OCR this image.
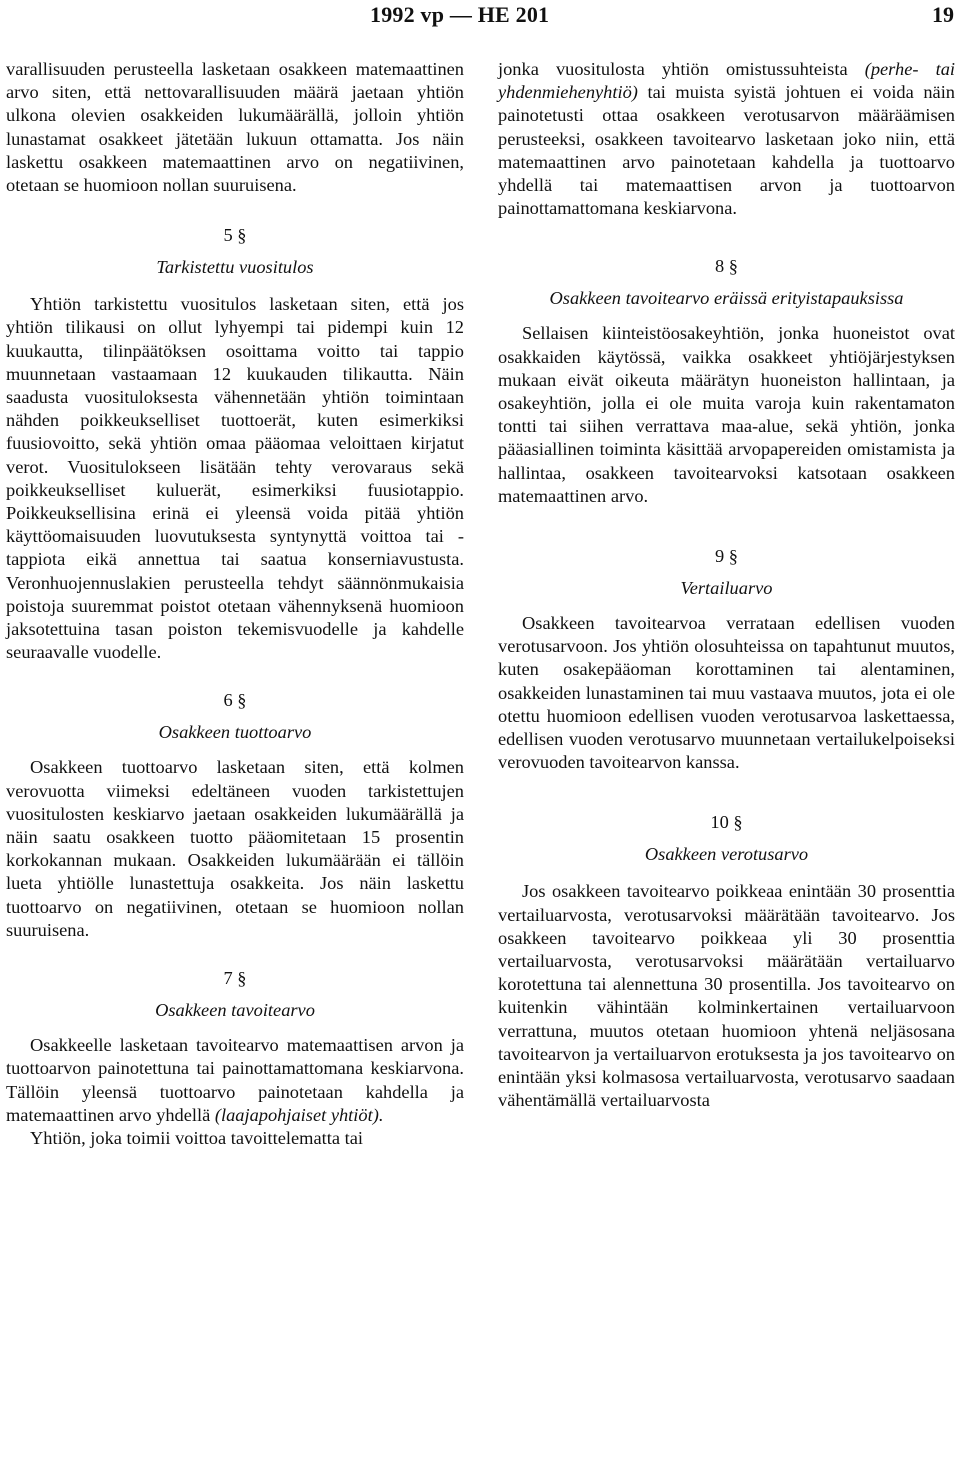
1992 vp — HE 201	19

varallisuuden perusteella lasketaan osakkeen matemaattinen arvo siten, että nettovarallisuuden määrä jaetaan yhtiön ulkona olevien osakkeiden lukumäärällä, jolloin yhtiön lunastamat osakkeet jätetään lukuun ottamatta. Jos näin laskettu osakkeen matemaattinen arvo on negatiivinen, otetaan se huomioon nollan suuruisena.

5 §
Tarkistettu vuositulos

Yhtiön tarkistettu vuositulos lasketaan siten, että jos yhtiön tilikausi on ollut lyhyempi tai pidempi kuin 12 kuukautta, tilinpäätöksen osoittama voitto tai tappio muunnetaan vastaamaan 12 kuukauden tilikautta. Näin saadusta vuosituloksesta vähennetään yhtiön toimintaan nähden poikkeukselliset tuottoerät, kuten esimerkiksi fuusiovoitto, sekä yhtiön omaa pääomaa veloittaen kirjatut verot. Vuositulokseen lisätään tehty verovaraus sekä poikkeukselliset kuluerät, esimerkiksi fuusiotappio. Poikkeuksellisina erinä ei yleensä voida pitää yhtiön käyttöomaisuuden luovutuksesta syntynyttä voittoa tai -tappiota eikä annettua tai saatua konserniavustusta. Veronhuojennuslakien perusteella tehdyt säännönmukaisia poistoja suuremmat poistot otetaan vähennyksenä huomioon jaksotettuina tasan poiston tekemisvuodelle ja kahdelle seuraavalle vuodelle.

6 §
Osakkeen tuottoarvo

Osakkeen tuottoarvo lasketaan siten, että kolmen verovuotta viimeksi edeltäneen vuoden tarkistettujen vuositulosten keskiarvo jaetaan osakkeiden lukumäärällä ja näin saatu osakkeen tuotto pääomitetaan 15 prosentin korkokannan mukaan. Osakkeiden lukumäärään ei tällöin lueta yhtiölle lunastettuja osakkeita. Jos näin laskettu tuottoarvo on negatiivinen, otetaan se huomioon nollan suuruisena.

7 §
Osakkeen tavoitearvo

Osakkeelle lasketaan tavoitearvo matemaattisen arvon ja tuottoarvon painotettuna tai painottamattomana keskiarvona. Tällöin yleensä tuottoarvo painotetaan kahdella ja matemaattinen arvo yhdellä (laajapohjaiset yhtiöt).

Yhtiön, joka toimii voittoa tavoittelematta tai

jonka vuositulosta yhtiön omistussuhteista (perhe- tai yhdenmiehenyhtiö) tai muista syistä johtuen ei voida näin painotetusti ottaa osakkeen verotusarvon määräämisen perusteeksi, osakkeen tavoitearvo lasketaan joko niin, että matemaattinen arvo painotetaan kahdella ja tuottoarvo yhdellä tai matemaattisen arvon ja tuottoarvon painottamattomana keskiarvona.

8 §
Osakkeen tavoitearvo eräissä erityistapauksissa

Sellaisen kiinteistöosakeyhtiön, jonka huoneistot ovat osakkaiden käytössä, vaikka osakkeet yhtiöjärjestyksen mukaan eivät oikeuta määrätyn huoneiston hallintaan, ja osakeyhtiön, jolla ei ole muita varoja kuin rakentamaton tontti tai siihen verrattava maa-alue, sekä yhtiön, jonka pääasiallinen toiminta käsittää arvopapereiden omistamista ja hallintaa, osakkeen tavoitearvoksi katsotaan osakkeen matemaattinen arvo.

9 §
Vertailuarvo

Osakkeen tavoitearvoa verrataan edellisen vuoden verotusarvoon. Jos yhtiön olosuhteissa on tapahtunut muutos, kuten osakepääoman korottaminen tai alentaminen, osakkeiden lunastaminen tai muu vastaava muutos, jota ei ole otettu huomioon edellisen vuoden verotusarvoa laskettaessa, edellisen vuoden verotusarvo muunnetaan vertailukelpoiseksi verovuoden tavoitearvon kanssa.

10 §
Osakkeen verotusarvo

Jos osakkeen tavoitearvo poikkeaa enintään 30 prosenttia vertailuarvosta, verotusarvoksi määrätään tavoitearvo. Jos osakkeen tavoitearvo poikkeaa yli 30 prosenttia vertailuarvosta, verotusarvoksi määrätään vertailuarvo korotettuna tai alennettuna 30 prosentilla. Jos tavoitearvo on kuitenkin vähintään kolminkertainen vertailuarvoon verrattuna, muutos otetaan huomioon yhtenä neljäsosana tavoitearvon ja vertailuarvon erotuksesta ja jos tavoitearvo on enintään yksi kolmasosa vertailuarvosta, verotusarvo saadaan vähentämällä vertailuarvosta
